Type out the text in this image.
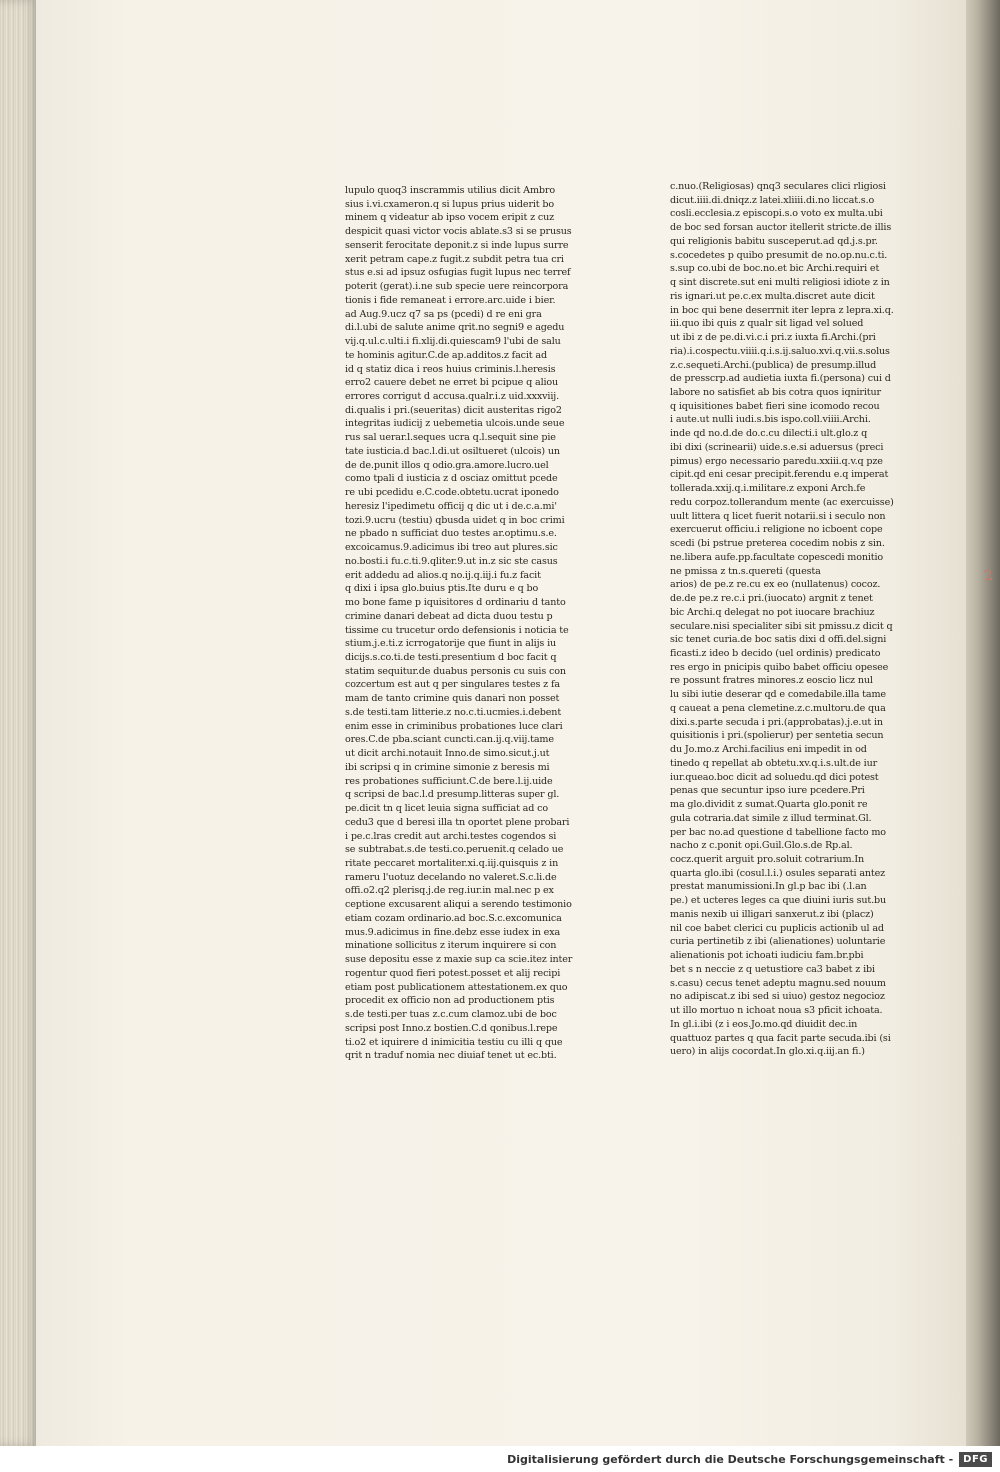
2
lupulo quoq3 inscrammis utilius dicit Ambro
sius i.vi.cxameron.q si lupus prius uiderit bo
minem q videatur ab ipso vocem eripit z cuz
despicit quasi victor vocis ablate.s3 si se prusus
senserit ferocitate deponit.z si inde lupus surre
xerit petram cape.z fugit.z subdit petra tua cri
stus e.si ad ipsuz osfugias fugit lupus nec terref
poterit (gerat).i.ne sub specie uere reincorpora
tionis i fide remaneat i errore.arc.uide i bier.
ad Aug.9.ucz q7 sa ps (pcedi) d re eni gra
di.l.ubi de salute anime qrit.no segni9 e agedu
vij.q.ul.c.ulti.i fi.xlij.di.quiescam9 l'ubi de salu
te hominis agitur.C.de ap.additos.z facit ad
id q statiz dica i reos huius criminis.l.heresis
erro2 cauere debet ne erret bi pcipue q aliou
errores corrigut d accusa.qualr.i.z uid.xxxviij.
di.qualis i pri.(seueritas) dicit austeritas rigo2
integritas iudicij z uebemetia ulcois.unde seue
rus sal uerar.l.seques ucra q.l.sequit sine pie
tate iusticia.d bac.l.di.ut osiltueret (ulcois) un
de de.punit illos q odio.gra.amore.lucro.uel
como tpali d iusticia z d osciaz omittut pcede
re ubi pcedidu e.C.code.obtetu.ucrat iponedo
heresiz l'ipedimetu officij q dic ut i de.c.a.mi'
tozi.9.ucru (testiu) qbusda uidet q in boc crimi
ne pbado n sufficiat duo testes ar.optimu.s.e.
excoicamus.9.adicimus ibi treo aut plures.sic
no.bosti.i fu.c.ti.9.qliter.9.ut in.z sic ste casus
erit addedu ad alios.q no.ij.q.iij.i fu.z facit
q dixi i ipsa glo.buius ptis.Ite duru e q bo
mo bone fame p iquisitores d ordinariu d tanto
crimine danari debeat ad dicta duou testu p
tissime cu trucetur ordo defensionis i noticia te
stium.j.e.ti.z icrrogatorije que fiunt in alijs iu
dicijs.s.co.ti.de testi.presentium d boc facit q
statim sequitur.de duabus personis cu suis con
cozcertum est aut q per singulares testes z fa
mam de tanto crimine quis danari non posset
s.de testi.tam litterie.z no.c.ti.ucmies.i.debent
enim esse in criminibus probationes luce clari
ores.C.de pba.sciant cuncti.can.ij.q.viij.tame
ut dicit archi.notauit Inno.de simo.sicut.j.ut
ibi scripsi q in crimine simonie z beresis mi
res probationes sufficiunt.C.de bere.l.ij.uide
q scripsi de bac.l.d presump.litteras super gl.
pe.dicit tn q licet leuia signa sufficiat ad co
cedu3 que d beresi illa tn oportet plene probari
i pe.c.lras credit aut archi.testes cogendos si
se subtrabat.s.de testi.co.peruenit.q celado ue
ritate peccaret mortaliter.xi.q.iij.quisquis z in
rameru l'uotuz decelando no valeret.S.c.li.de
offi.o2.q2 plerisq.j.de reg.iur.in mal.nec p ex
ceptione excusarent aliqui a serendo testimonio
etiam cozam ordinario.ad boc.S.c.excomunica
mus.9.adicimus in fine.debz esse iudex in exa
minatione sollicitus z iterum inquirere si con
suse depositu esse z maxie sup ca scie.itez inter
rogentur quod fieri potest.posset et alij recipi
etiam post publicationem attestationem.ex quo
procedit ex officio non ad productionem ptis
s.de testi.per tuas z.c.cum clamoz.ubi de boc
scripsi post Inno.z bostien.C.d qonibus.l.repe
ti.o2 et iquirere d inimicitia testiu cu illi q que
qrit n traduf nomia nec diuiaf tenet ut ec.bti.
c.nuo.(Religiosas) qnq3 seculares clici rligiosi
dicut.iiii.di.dniqz.z latei.xliiii.di.no liccat.s.o
cosli.ecclesia.z episcopi.s.o voto ex multa.ubi
de boc sed forsan auctor itellerit stricte.de illis
qui religionis babitu susceperut.ad qd.j.s.pr.
s.cocedetes p quibo presumit de no.op.nu.c.ti.
s.sup co.ubi de boc.no.et bic Archi.requiri et
q sint discrete.sut eni multi religiosi idiote z in
ris ignari.ut pe.c.ex multa.discret aute dicit
in boc qui bene deserrnit iter lepra z lepra.xi.q.
iii.quo ibi quis z qualr sit ligad vel solued
ut ibi z de pe.di.vi.c.i pri.z iuxta fi.Archi.(pri
ria).i.cospectu.viiii.q.i.s.ij.saluo.xvi.q.vii.s.solus
z.c.sequeti.Archi.(publica) de presump.illud
de presscrp.ad audietia iuxta fi.(persona) cui d
labore no satisfiet ab bis cotra quos iqniritur
q iquisitiones babet fieri sine icomodo recou
i aute.ut nulli iudi.s.bis ispo.coll.viiii.Archi.
inde qd no.d.de do.c.cu dilecti.i ult.glo.z q
ibi dixi (scrinearii) uide.s.e.si aduersus (preci
pimus) ergo necessario paredu.xxiii.q.v.q pze
cipit.qd eni cesar precipit.ferendu e.q imperat
tollerada.xxij.q.i.militare.z exponi Arch.fe
redu corpoz.tollerandum mente (ac exercuisse)
uult littera q licet fuerit notarii.si i seculo non
exercuerut officiu.i religione no icboent cope
scedi (bi pstrue preterea cocedim nobis z sin.
ne.libera aufe.pp.facultate copescedi monitio
ne pmissa z tn.s.quereti (questa
arios) de pe.z re.cu ex eo (nullatenus) cocoz.
de.de pe.z re.c.i pri.(iuocato) argnit z tenet
bic Archi.q delegat no pot iuocare brachiuz
seculare.nisi specialiter sibi sit pmissu.z dicit q
sic tenet curia.de boc satis dixi d offi.del.signi
ficasti.z ideo b decido (uel ordinis) predicato
res ergo in pnicipis quibo babet officiu opesee
re possunt fratres minores.z eoscio licz nul
lu sibi iutie deserar qd e comedabile.illa tame
q caueat a pena clemetine.z.c.multoru.de qua
dixi.s.parte secuda i pri.(approbatas).j.e.ut in
quisitionis i pri.(spolierur) per sentetia secun
du Jo.mo.z Archi.facilius eni impedit in od
tinedo q repellat ab obtetu.xv.q.i.s.ult.de iur
iur.queao.boc dicit ad soluedu.qd dici potest
penas que secuntur ipso iure pcedere.Pri
ma glo.dividit z sumat.Quarta glo.ponit re
gula cotraria.dat simile z illud terminat.Gl.
per bac no.ad questione d tabellione facto mo
nacho z c.ponit opi.Guil.Glo.s.de Rp.al.
cocz.querit arguit pro.soluit cotrarium.In
quarta glo.ibi (cosul.l.i.) osules separati antez
prestat manumissioni.In gl.p bac ibi (.l.an
pe.) et ucteres leges ca que diuini iuris sut.bu
manis nexib ui illigari sanxerut.z ibi (placz)
nil coe babet clerici cu puplicis actionib ul ad
curia pertinetib z ibi (alienationes) uoluntarie
alienationis pot ichoati iudiciu fam.br.pbi
bet s n neccie z q uetustiore ca3 babet z ibi
s.casu) cecus tenet adeptu magnu.sed nouum
no adipiscat.z ibi sed si uiuo) gestoz negocioz
ut illo mortuo n ichoat noua s3 pficit ichoata.
In gl.i.ibi (z i eos.Jo.mo.qd diuidit dec.in
quattuoz partes q qua facit parte secuda.ibi (si
uero) in alijs cocordat.In glo.xi.q.iij.an fi.)
Digitalisierung gefördert durch die Deutsche Forschungsgemeinschaft -	DFG
